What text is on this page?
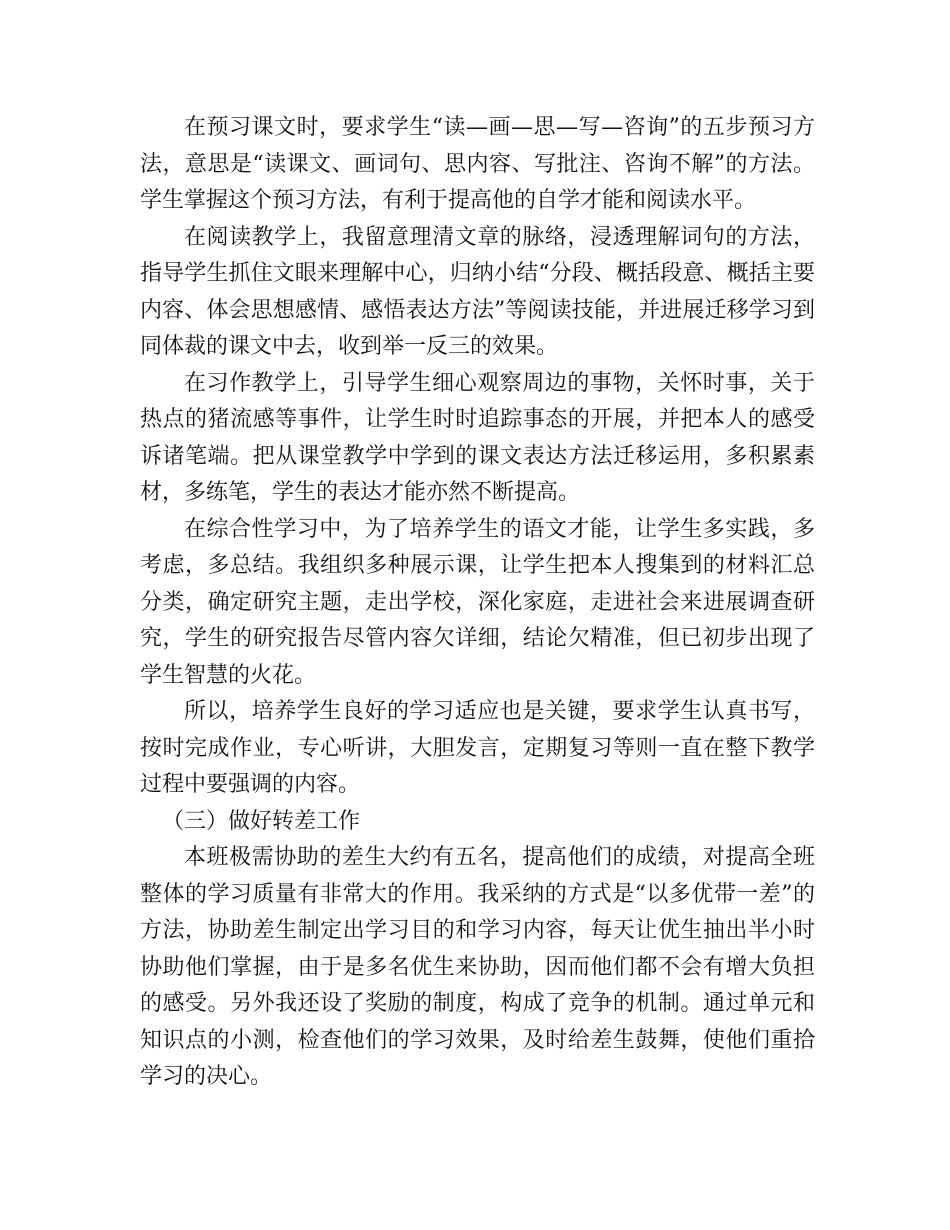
在预习课文时，要求学生“读—画—思—写—咨询”的五步预习方法，意思是“读课文、画词句、思内容、写批注、咨询不解”的方法。学生掌握这个预习方法，有利于提高他的自学才能和阅读水平。

在阅读教学上，我留意理清文章的脉络，浸透理解词句的方法，指导学生抓住文眼来理解中心，归纳小结“分段、概括段意、概括主要内容、体会思想感情、感悟表达方法”等阅读技能，并进展迁移学习到同体裁的课文中去，收到举一反三的效果。

在习作教学上，引导学生细心观察周边的事物，关怀时事，关于热点的猪流感等事件，让学生时时追踪事态的开展，并把本人的感受诉诸笔端。把从课堂教学中学到的课文表达方法迁移运用，多积累素材，多练笔，学生的表达才能亦然不断提高。

在综合性学习中，为了培养学生的语文才能，让学生多实践，多考虑，多总结。我组织多种展示课，让学生把本人搜集到的材料汇总分类，确定研究主题，走出学校，深化家庭，走进社会来进展调查研究，学生的研究报告尽管内容欠详细，结论欠精准，但已初步出现了学生智慧的火花。

所以，培养学生良好的学习适应也是关键，要求学生认真书写，按时完成作业，专心听讲，大胆发言，定期复习等则一直在整下教学过程中要强调的内容。

（三）做好转差工作

本班极需协助的差生大约有五名，提高他们的成绩，对提高全班整体的学习质量有非常大的作用。我采纳的方式是“以多优带一差”的方法，协助差生制定出学习目的和学习内容，每天让优生抽出半小时协助他们掌握，由于是多名优生来协助，因而他们都不会有增大负担的感受。另外我还设了奖励的制度，构成了竞争的机制。通过单元和知识点的小测，检查他们的学习效果，及时给差生鼓舞，使他们重拾学习的决心。
